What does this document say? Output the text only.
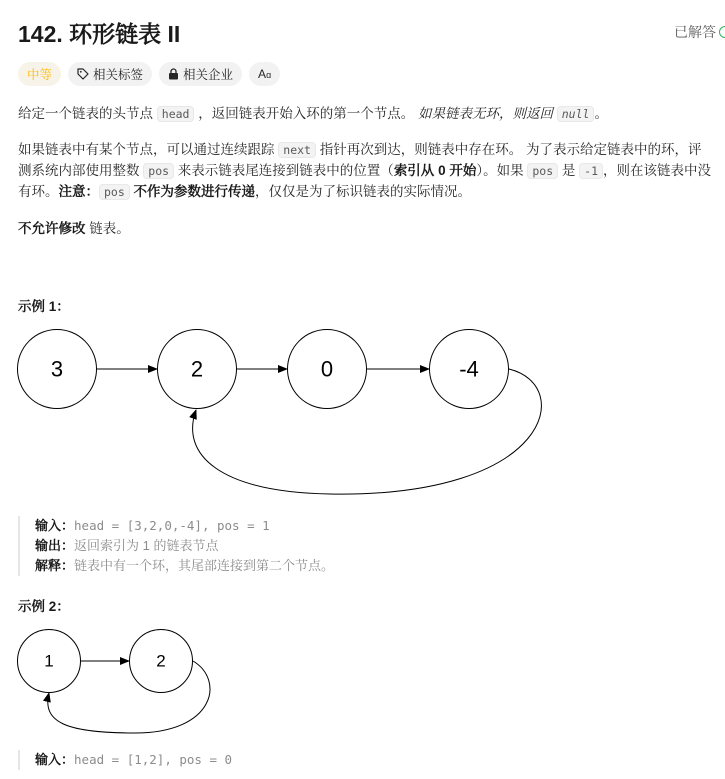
142. 环形链表 II	已解答
中等	相关标签	相关企业 Aɑ
给定一个链表的头节点 head ，返回链表开始入环的第一个节点。 如果链表无环，则返回 null 。
如果链表中有某个节点，可以通过连续跟踪 next 指针再次到达，则链表中存在环。 为了表示给定链表中的环，评
测系统内部使用整数 pos 来表示链表尾连接到链表中的位置（索引从 0 开始）。如果 pos 是 -1 ，则在该链表中没
有环。注意： pos 不作为参数进行传递，仅仅是为了标识链表的实际情况。
不允许修改 链表。
示例 1：
3	2	0	-4
1	2
输入：head = [3,2,0,-4], pos = 1
输出：返回索引为 1 的链表节点
解释：链表中有一个环，其尾部连接到第二个节点。
示例 2：
输入：head = [1,2], pos = 0
